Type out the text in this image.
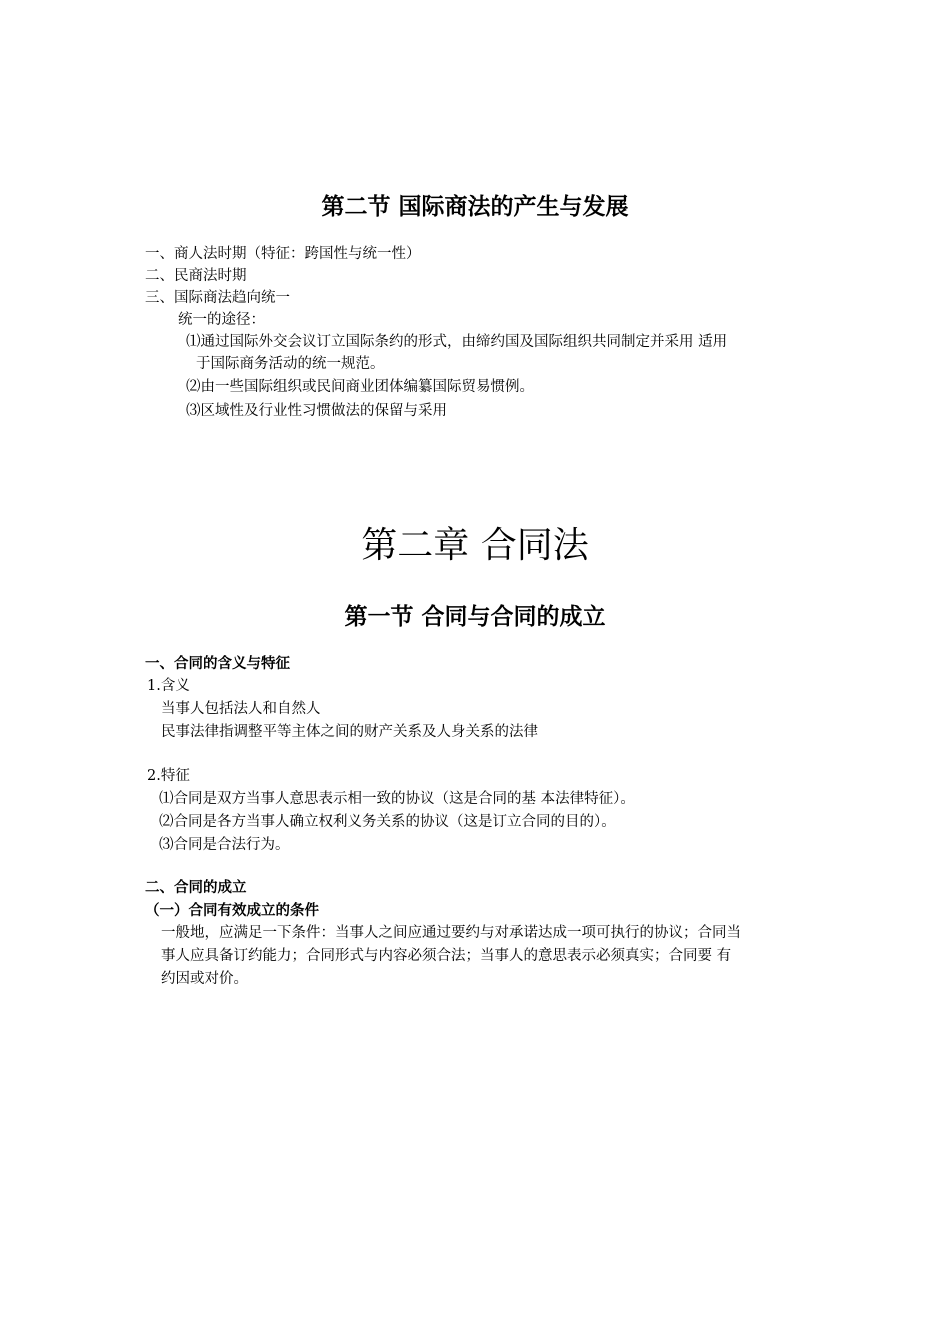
第二节 国际商法的产生与发展
一、商人法时期（特征：跨国性与统一性）
二、民商法时期
三、国际商法趋向统一
统一的途径：
⑴通过国际外交会议订立国际条约的形式，由缔约国及国际组织共同制定并采用 适用
于国际商务活动的统一规范。
⑵由一些国际组织或民间商业团体编纂国际贸易惯例。
⑶区域性及行业性习惯做法的保留与采用
第二章 合同法
第一节 合同与合同的成立
一、合同的含义与特征
1.含义
当事人包括法人和自然人
民事法律指调整平等主体之间的财产关系及人身关系的法律
2.特征
⑴合同是双方当事人意思表示相一致的协议（这是合同的基 本法律特征）。
⑵合同是各方当事人确立权利义务关系的协议（这是订立合同的目的）。
⑶合同是合法行为。
二、合同的成立
（一）合同有效成立的条件
一般地，应满足一下条件：当事人之间应通过要约与对承诺达成一项可执行的协议；合同当
事人应具备订约能力；合同形式与内容必须合法；当事人的意思表示必须真实；合同要 有
约因或对价。
